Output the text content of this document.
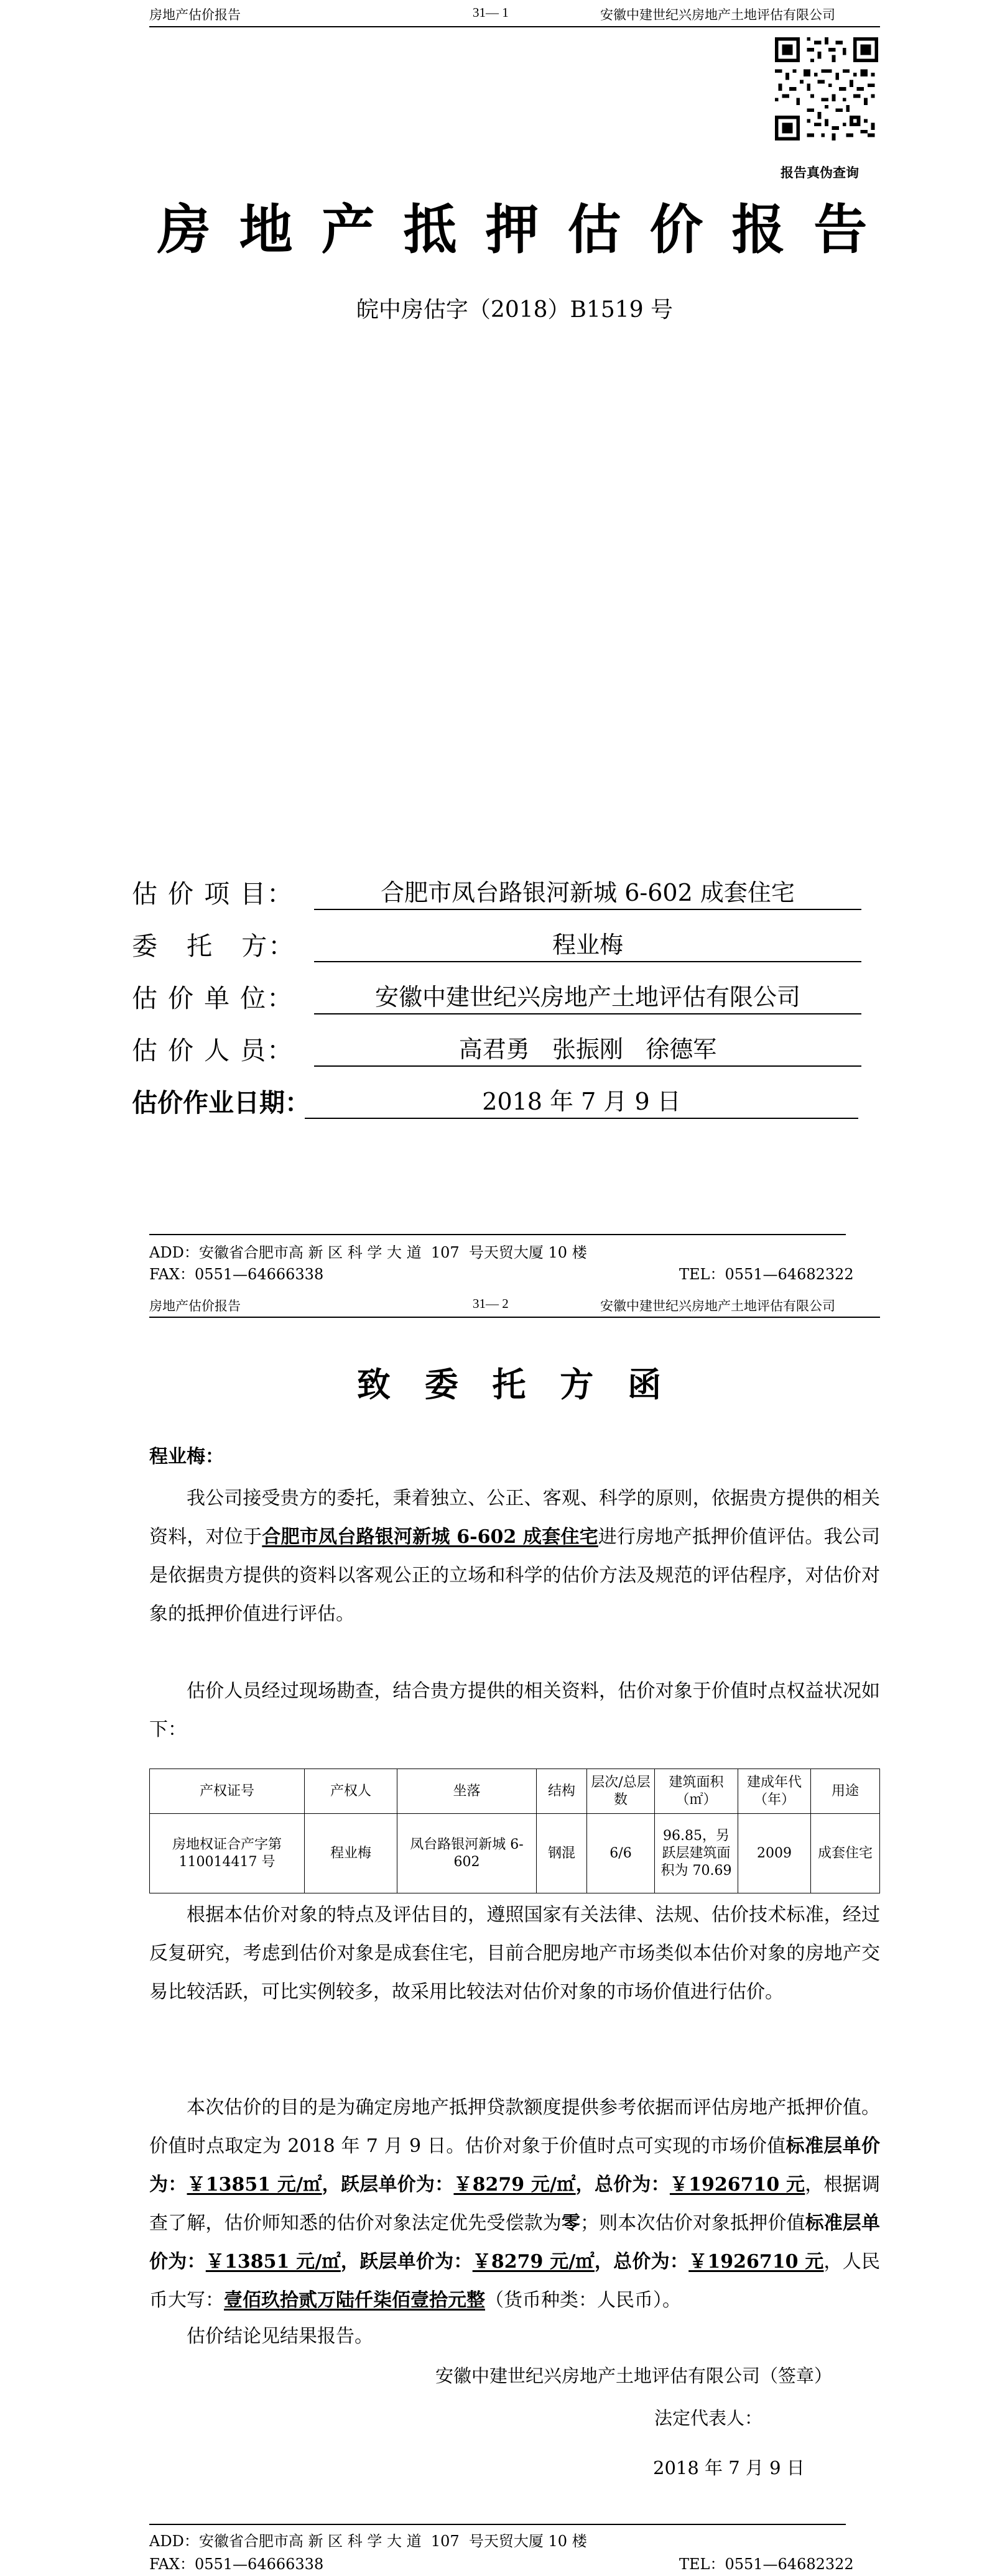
房地产估价报告	31— 1	安徽中建世纪兴房地产土地评估有限公司
报告真伪查询
房 地 产 抵 押 估 价 报 告
皖中房估字（2018）B1519 号
估 价 项 目：	合肥市凤台路银河新城 6-602 成套住宅
委   托   方：	程业梅
估 价 单 位：	安徽中建世纪兴房地产土地评估有限公司
估 价 人 员：	高君勇   张振刚   徐德军
估价作业日期：	2018 年 7 月 9 日
ADD：安徽省合肥市高 新 区 科 学 大 道  107  号天贸大厦 10 楼
FAX：0551—64666338	TEL：0551—64682322
房地产估价报告	31— 2	安徽中建世纪兴房地产土地评估有限公司
致 委 托 方 函
程业梅：
我公司接受贵方的委托，秉着独立、公正、客观、科学的原则，依据贵方提供的相关资料，对位于合肥市凤台路银河新城 6-602 成套住宅进行房地产抵押价值评估。我公司是依据贵方提供的资料以客观公正的立场和科学的估价方法及规范的评估程序，对估价对象的抵押价值进行评估。
估价人员经过现场勘查，结合贵方提供的相关资料，估价对象于价值时点权益状况如下：
产权证号	产权人	坐落	结构	层次/总层数	建筑面积（㎡）	建成年代（年）	用途
房地权证合产字第 110014417 号	程业梅	凤台路银河新城 6-602	钢混	6/6	96.85，另跃层建筑面积为 70.69	2009	成套住宅
根据本估价对象的特点及评估目的，遵照国家有关法律、法规、估价技术标准，经过反复研究，考虑到估价对象是成套住宅，目前合肥房地产市场类似本估价对象的房地产交易比较活跃，可比实例较多，故采用比较法对估价对象的市场价值进行估价。
本次估价的目的是为确定房地产抵押贷款额度提供参考依据而评估房地产抵押价值。价值时点取定为 2018 年 7 月 9 日。估价对象于价值时点可实现的市场价值标准层单价为：￥13851 元/㎡，跃层单价为：￥8279 元/㎡，总价为：￥1926710 元，根据调查了解，估价师知悉的估价对象法定优先受偿款为零；则本次估价对象抵押价值标准层单价为：￥13851 元/㎡，跃层单价为：￥8279 元/㎡，总价为：￥1926710 元，人民币大写：壹佰玖拾贰万陆仟柒佰壹拾元整（货币种类：人民币）。
估价结论见结果报告。
安徽中建世纪兴房地产土地评估有限公司（签章）
法定代表人：
2018 年 7 月 9 日
ADD：安徽省合肥市高 新 区 科 学 大 道  107  号天贸大厦 10 楼
FAX：0551—64666338	TEL：0551—64682322
